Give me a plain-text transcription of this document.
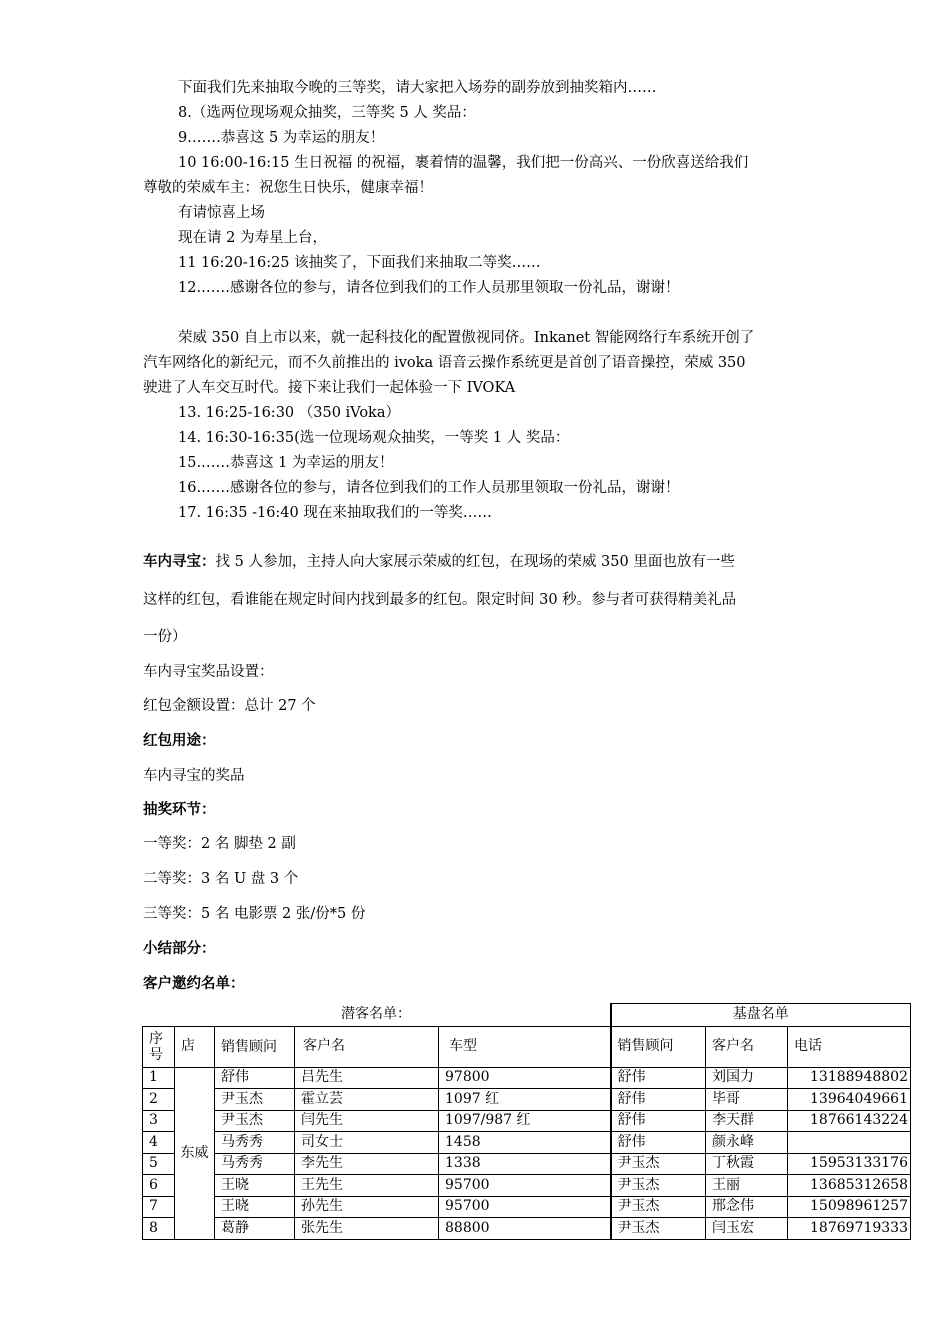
下面我们先来抽取今晚的三等奖，请大家把入场券的副券放到抽奖箱内……
8.（选两位现场观众抽奖，三等奖 5 人 奖品：
9.……恭喜这 5 为幸运的朋友！
10 16:00-16:15 生日祝福 的祝福，裹着情的温馨，我们把一份高兴、一份欣喜送给我们
尊敬的荣威车主：祝您生日快乐，健康幸福！
有请惊喜上场
现在请 2 为寿星上台，
11 16:20-16:25 该抽奖了，下面我们来抽取二等奖……
12.……感谢各位的参与，请各位到我们的工作人员那里领取一份礼品，谢谢！
荣威 350 自上市以来，就一起科技化的配置傲视同侪。Inkanet 智能网络行车系统开创了
汽车网络化的新纪元，而不久前推出的 ivoka 语音云操作系统更是首创了语音操控，荣威 350
驶进了人车交互时代。接下来让我们一起体验一下 IVOKA
13. 16:25-16:30 （350 iVoka）
14. 16:30-16:35(选一位现场观众抽奖，一等奖 1 人 奖品：
15.……恭喜这 1 为幸运的朋友！
16.……感谢各位的参与，请各位到我们的工作人员那里领取一份礼品，谢谢！
17. 16:35 -16:40 现在来抽取我们的一等奖……
车内寻宝：找 5 人参加，主持人向大家展示荣威的红包，在现场的荣威 350 里面也放有一些
这样的红包，看谁能在规定时间内找到最多的红包。限定时间 30 秒。参与者可获得精美礼品
一份）
车内寻宝奖品设置：
红包金额设置：总计 27 个
红包用途：
车内寻宝的奖品
抽奖环节：
一等奖：2 名 脚垫 2 副
二等奖：3 名 U 盘 3 个
三等奖：5 名 电影票 2 张/份*5 份
小结部分：
客户邀约名单：
潜客名单：					基盘名单		
序号	店	销售顾问	客户名	车型	销售顾问	客户名	电话
1	东威	舒伟	吕先生	97800	舒伟	刘国力	13188948802
2		尹玉杰	霍立芸	1097 红	舒伟	毕哥	13964049661
3		尹玉杰	闫先生	1097/987 红	舒伟	李天群	18766143224
4		马秀秀	司女士	1458	舒伟	颜永峰	
5		马秀秀	李先生	1338	尹玉杰	丁秋霞	15953133176
6		王晓	王先生	95700	尹玉杰	王丽	13685312658
7		王晓	孙先生	95700	尹玉杰	邢念伟	15098961257
8		葛静	张先生	88800	尹玉杰	闫玉宏	18769719333
